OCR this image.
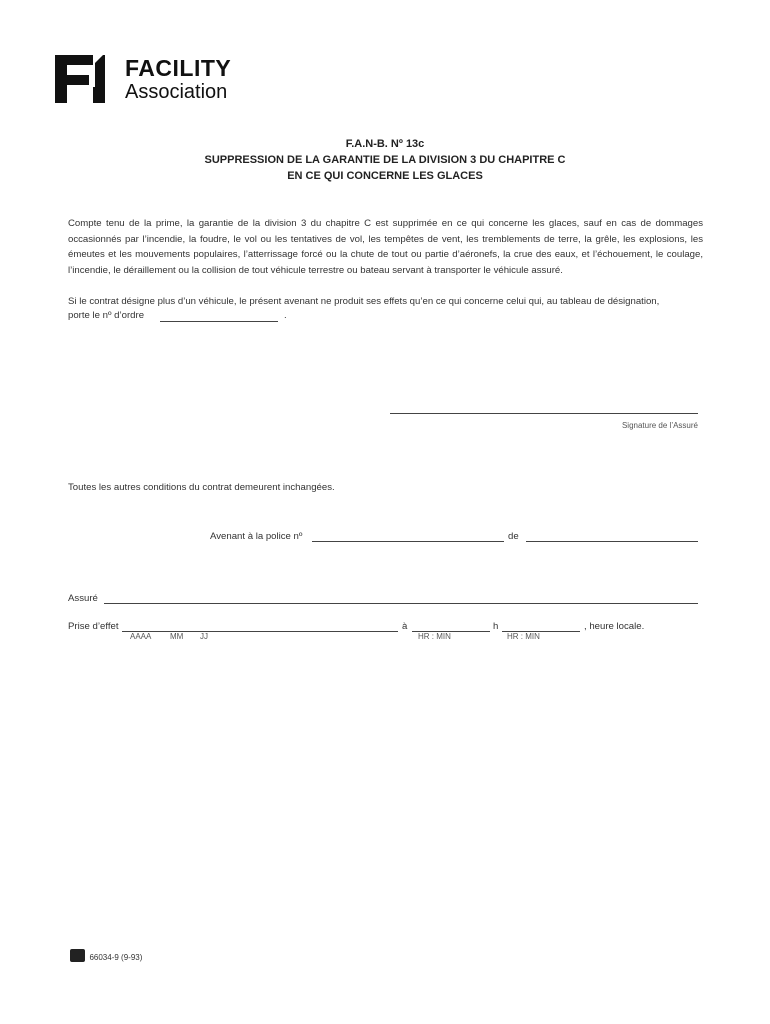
FACILITY
Association
F.A.N-B. Nº 13c
SUPPRESSION DE LA GARANTIE DE LA DIVISION 3 DU CHAPITRE C
EN CE QUI CONCERNE LES GLACES
Compte tenu de la prime, la garantie de la division 3 du chapitre C est supprimée en ce qui concerne les glaces, sauf en cas de dommages occasionnés par l’incendie, la foudre, le vol ou les tentatives de vol, les tempêtes de vent, les tremblements de terre, la grêle, les explosions, les émeutes et les mouvements populaires, l’atterrissage forcé ou la chute de tout ou partie d’aéronefs, la crue des eaux, et l’échouement, le coulage, l’incendie, le déraillement ou la collision de tout véhicule terrestre ou bateau servant à transporter le véhicule assuré.
Si le contrat désigne plus d’un véhicule, le présent avenant ne produit ses effets qu’en ce qui concerne celui qui, au tableau de désignation,
porte le nº d’ordre	.
Signature de l’Assuré
Toutes les autres conditions du contrat demeurent inchangées.
Avenant à la police nº	de
Assuré
Prise d’effet	à	h	, heure locale.
AAAA MM JJ	HR : MIN	HR : MIN
66034-9 (9-93)
